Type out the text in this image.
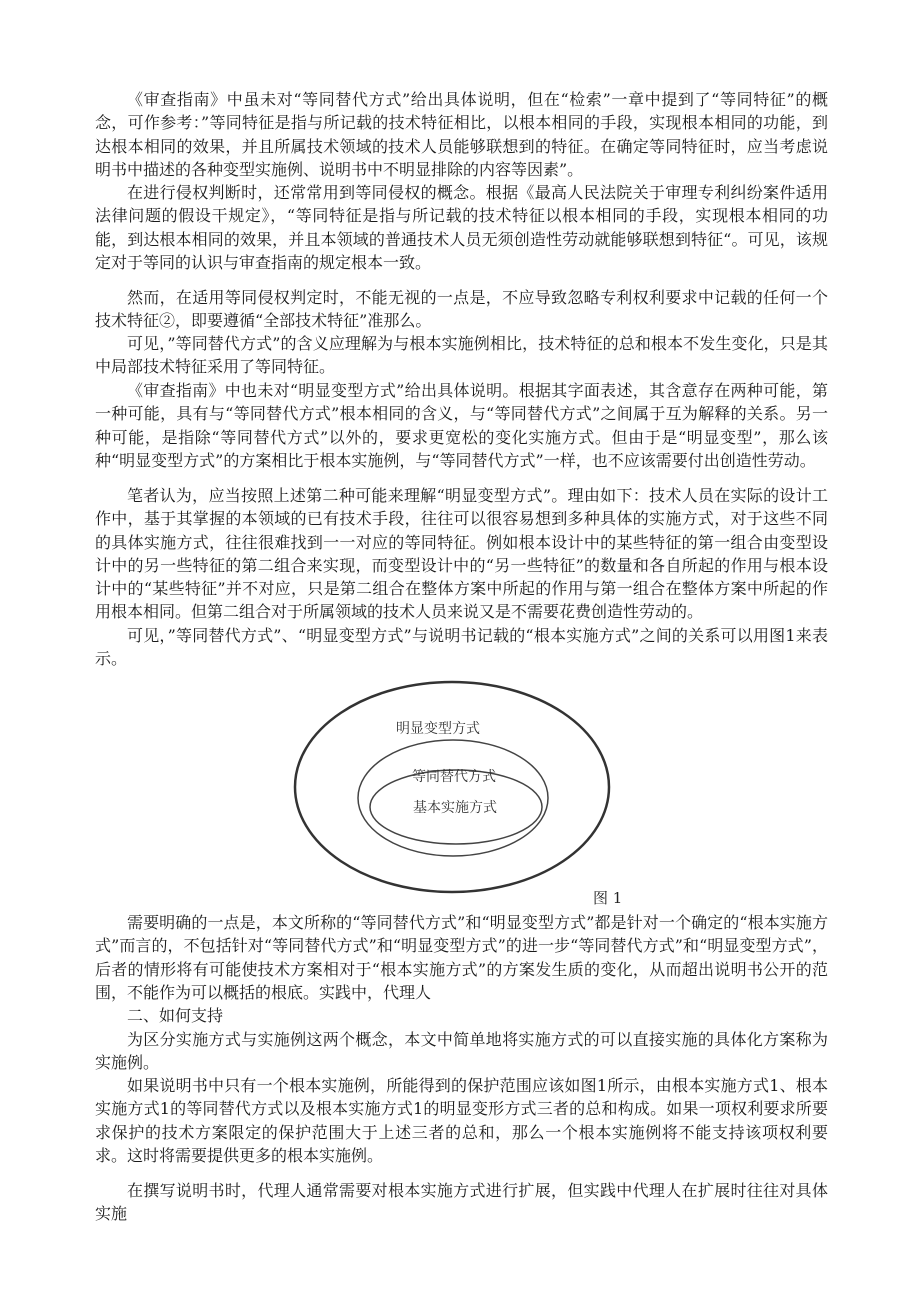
《审查指南》中虽未对“等同替代方式”给出具体说明，但在“检索”一章中提到了“等同特征”的概念，可作参考：”等同特征是指与所记载的技术特征相比，以根本相同的手段，实现根本相同的功能，到达根本相同的效果，并且所属技术领域的技术人员能够联想到的特征。在确定等同特征时，应当考虑说明书中描述的各种变型实施例、说明书中不明显排除的内容等因素”。

在进行侵权判断时，还常常用到等同侵权的概念。根据《最高人民法院关于审理专利纠纷案件适用法律问题的假设干规定》，“等同特征是指与所记载的技术特征以根本相同的手段，实现根本相同的功能，到达根本相同的效果，并且本领域的普通技术人员无须创造性劳动就能够联想到特征“。可见，该规定对于等同的认识与审查指南的规定根本一致。

然而，在适用等同侵权判定时，不能无视的一点是，不应导致忽略专利权利要求中记载的任何一个技术特征②，即要遵循“全部技术特征”准那么。

可见，”等同替代方式”的含义应理解为与根本实施例相比，技术特征的总和根本不发生变化，只是其中局部技术特征采用了等同特征。

《审查指南》中也未对“明显变型方式”给出具体说明。根据其字面表述，其含意存在两种可能，第一种可能，具有与“等同替代方式”根本相同的含义，与“等同替代方式”之间属于互为解释的关系。另一种可能，是指除“等同替代方式”以外的，要求更宽松的变化实施方式。但由于是“明显变型”，那么该种“明显变型方式”的方案相比于根本实施例，与“等同替代方式”一样，也不应该需要付出创造性劳动。

笔者认为，应当按照上述第二种可能来理解“明显变型方式”。理由如下：技术人员在实际的设计工作中，基于其掌握的本领域的已有技术手段，往往可以很容易想到多种具体的实施方式，对于这些不同的具体实施方式，往往很难找到一一对应的等同特征。例如根本设计中的某些特征的第一组合由变型设计中的另一些特征的第二组合来实现，而变型设计中的“另一些特征”的数量和各自所起的作用与根本设计中的“某些特征”并不对应，只是第二组合在整体方案中所起的作用与第一组合在整体方案中所起的作用根本相同。但第二组合对于所属领域的技术人员来说又是不需要花费创造性劳动的。

可见，”等同替代方式”、“明显变型方式”与说明书记载的“根本实施方式”之间的关系可以用图1来表示。

明显变型方式
等同替代方式
基本实施方式
图 1

需要明确的一点是，本文所称的“等同替代方式”和“明显变型方式”都是针对一个确定的“根本实施方式”而言的，不包括针对“等同替代方式”和“明显变型方式”的进一步“等同替代方式”和“明显变型方式”，后者的情形将有可能使技术方案相对于“根本实施方式”的方案发生质的变化，从而超出说明书公开的范围，不能作为可以概括的根底。实践中，代理人

二、如何支持

为区分实施方式与实施例这两个概念，本文中简单地将实施方式的可以直接实施的具体化方案称为实施例。

如果说明书中只有一个根本实施例，所能得到的保护范围应该如图1所示，由根本实施方式1、根本实施方式1的等同替代方式以及根本实施方式1的明显变形方式三者的总和构成。如果一项权利要求所要求保护的技术方案限定的保护范围大于上述三者的总和，那么一个根本实施例将不能支持该项权利要求。这时将需要提供更多的根本实施例。

在撰写说明书时，代理人通常需要对根本实施方式进行扩展，但实践中代理人在扩展时往往对具体实施
